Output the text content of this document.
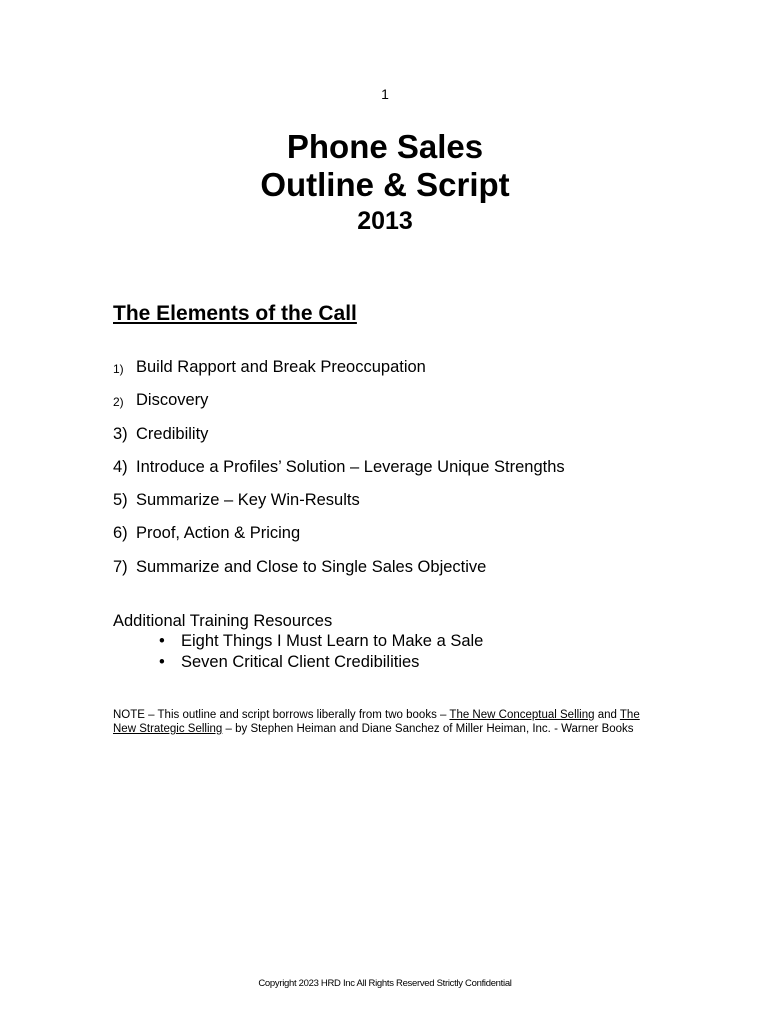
1
Phone Sales
Outline & Script
2013
The Elements of the Call
1) Build Rapport and Break Preoccupation
2) Discovery
3) Credibility
4) Introduce a Profiles’ Solution – Leverage Unique Strengths
5) Summarize – Key Win-Results
6) Proof, Action & Pricing
7) Summarize and Close to Single Sales Objective
Additional Training Resources
• Eight Things I Must Learn to Make a Sale
• Seven Critical Client Credibilities
NOTE – This outline and script borrows liberally from two books – The New Conceptual Selling and The New Strategic Selling – by Stephen Heiman and Diane Sanchez of Miller Heiman, Inc. - Warner Books
Copyright 2023 HRD Inc All Rights Reserved Strictly Confidential
